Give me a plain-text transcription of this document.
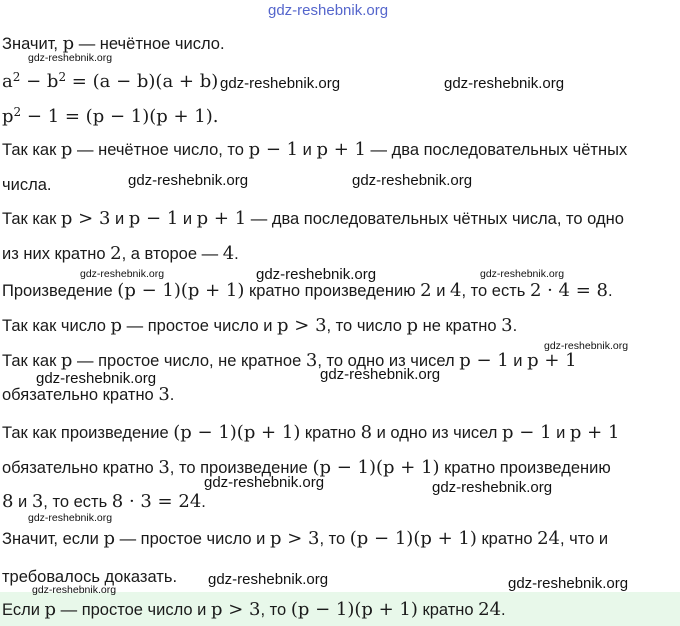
gdz-reshebnik.org
gdz-reshebnik.org
gdz-reshebnik.org	gdz-reshebnik.org
gdz-reshebnik.org	gdz-reshebnik.org
gdz-reshebnik.org	gdz-reshebnik.org	gdz-reshebnik.org
gdz-reshebnik.org
gdz-reshebnik.org	gdz-reshebnik.org
gdz-reshebnik.org	gdz-reshebnik.org
gdz-reshebnik.org
gdz-reshebnik.org	gdz-reshebnik.org
gdz-reshebnik.org
Значит, p — нечётное число.
$a^2 - b^2 = (a - b)(a + b)$
$p^2 - 1 = (p - 1)(p + 1)$.
Так как p — нечётное число, то p − 1 и p + 1 — два последовательных чётных
числа.
Так как p > 3 и p − 1 и p + 1 — два последовательных чётных числа, то одно
из них кратно 2, а второе — 4.
Произведение (p − 1)(p + 1) кратно произведению 2 и 4, то есть 2 · 4 = 8.
Так как число p — простое число и p > 3, то число p не кратно 3.
Так как p — простое число, не кратное 3, то одно из чисел p − 1 и p + 1
обязательно кратно 3.
Так как произведение (p − 1)(p + 1) кратно 8 и одно из чисел p − 1 и p + 1
обязательно кратно 3, то произведение (p − 1)(p + 1) кратно произведению
8 и 3, то есть 8 · 3 = 24.
Значит, если p — простое число и p > 3, то (p − 1)(p + 1) кратно 24, что и
требовалось доказать.
Если p — простое число и p > 3, то (p − 1)(p + 1) кратно 24.
